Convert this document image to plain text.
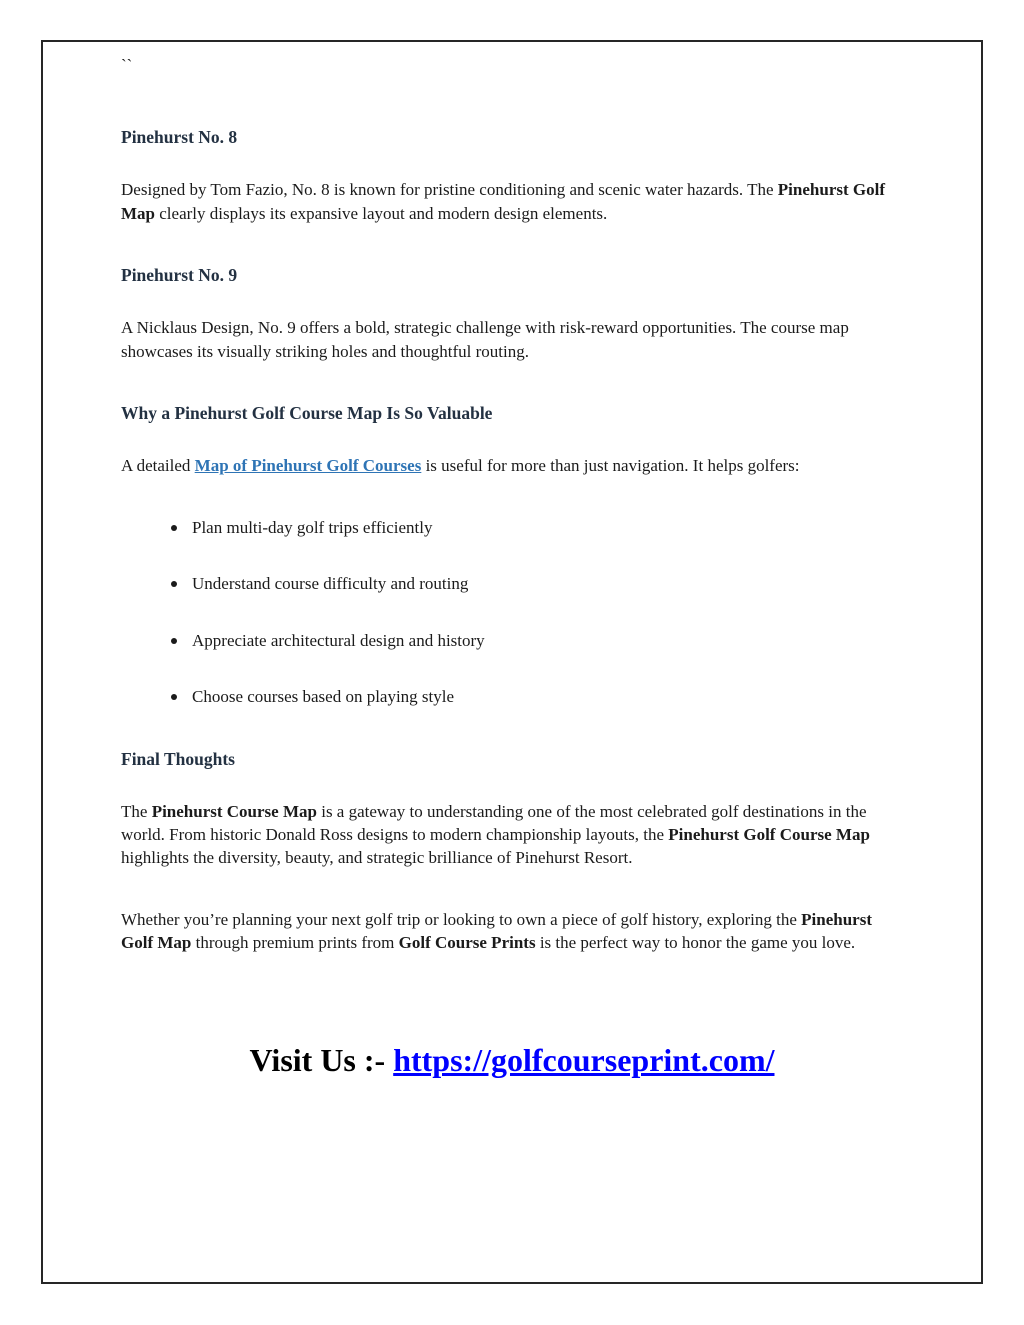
``

Pinehurst No. 8

Designed by Tom Fazio, No. 8 is known for pristine conditioning and scenic water hazards. The Pinehurst Golf Map clearly displays its expansive layout and modern design elements.

Pinehurst No. 9

A Nicklaus Design, No. 9 offers a bold, strategic challenge with risk-reward opportunities. The course map showcases its visually striking holes and thoughtful routing.

Why a Pinehurst Golf Course Map Is So Valuable

A detailed Map of Pinehurst Golf Courses is useful for more than just navigation. It helps golfers:

Plan multi-day golf trips efficiently
Understand course difficulty and routing
Appreciate architectural design and history
Choose courses based on playing style
Final Thoughts

The Pinehurst Course Map is a gateway to understanding one of the most celebrated golf destinations in the world. From historic Donald Ross designs to modern championship layouts, the Pinehurst Golf Course Map highlights the diversity, beauty, and strategic brilliance of Pinehurst Resort.

Whether you’re planning your next golf trip or looking to own a piece of golf history, exploring the Pinehurst Golf Map through premium prints from Golf Course Prints is the perfect way to honor the game you love.

Visit Us :- https://golfcourseprint.com/
